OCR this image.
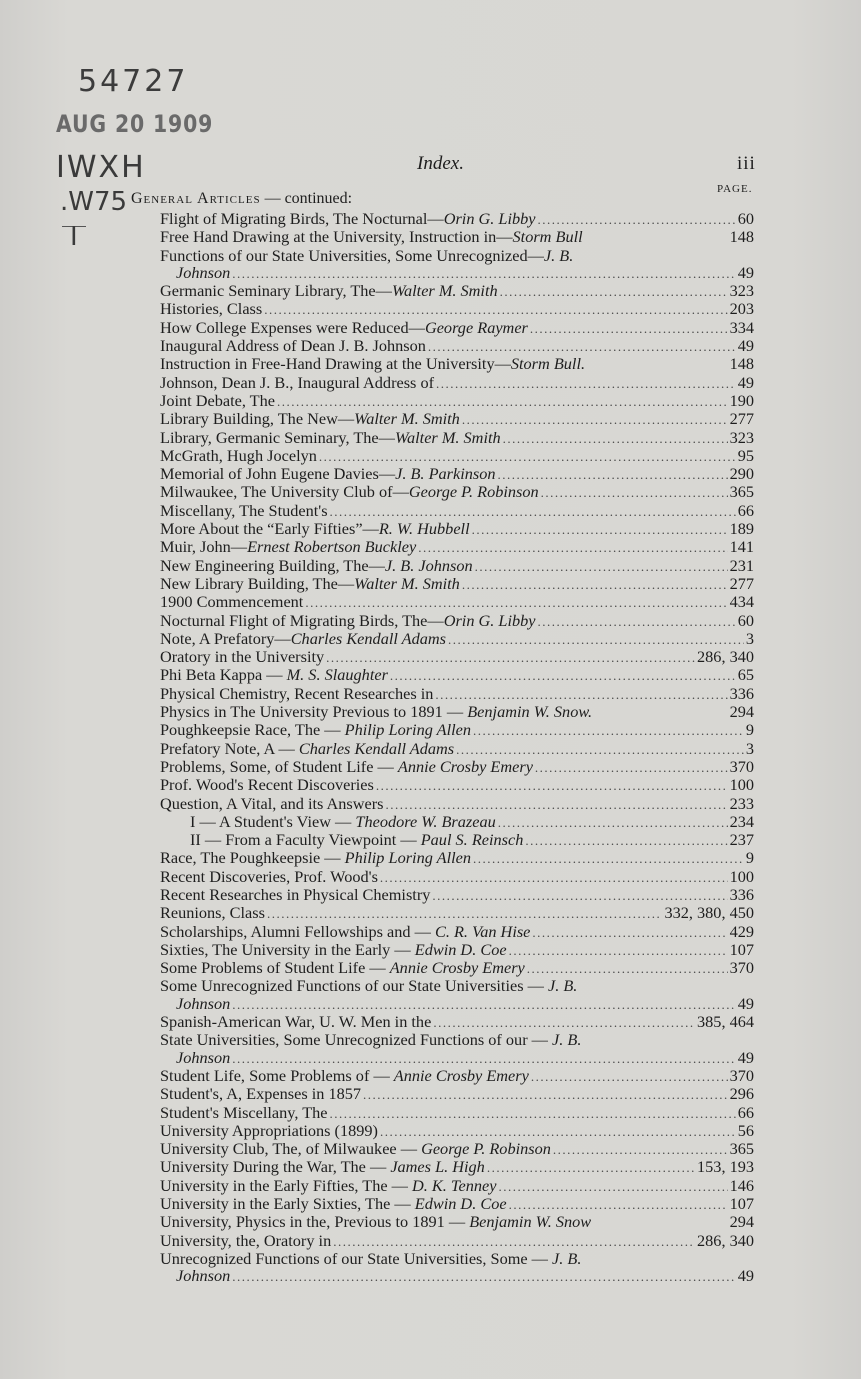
54727
AUG 20 1909
IWXH
.W75
I
Index.	iii
PAGE.
General Articles — continued:
Flight of Migrating Birds, The Nocturnal—Orin G. Libby .....	60
Free Hand Drawing at the University, Instruction in—Storm Bull	148
Functions of our State Universities, Some Unrecognized—J. B.
Johnson .....	49
Germanic Seminary Library, The—Walter M. Smith .....	323
Histories, Class .....	203
How College Expenses were Reduced—George Raymer .....	334
Inaugural Address of Dean J. B. Johnson .....	49
Instruction in Free-Hand Drawing at the University—Storm Bull.	148
Johnson, Dean J. B., Inaugural Address of .....	49
Joint Debate, The .....	190
Library Building, The New—Walter M. Smith .....	277
Library, Germanic Seminary, The—Walter M. Smith .....	323
McGrath, Hugh Jocelyn .....	95
Memorial of John Eugene Davies—J. B. Parkinson .....	290
Milwaukee, The University Club of—George P. Robinson .....	365
Miscellany, The Student's .....	66
More About the “Early Fifties”—R. W. Hubbell .....	189
Muir, John—Ernest Robertson Buckley .....	141
New Engineering Building, The—J. B. Johnson .....	231
New Library Building, The—Walter M. Smith .....	277
1900 Commencement .....	434
Nocturnal Flight of Migrating Birds, The—Orin G. Libby .....	60
Note, A Prefatory—Charles Kendall Adams .....	3
Oratory in the University .....	286, 340
Phi Beta Kappa — M. S. Slaughter .....	65
Physical Chemistry, Recent Researches in .....	336
Physics in The University Previous to 1891 — Benjamin W. Snow.	294
Poughkeepsie Race, The — Philip Loring Allen .....	9
Prefatory Note, A — Charles Kendall Adams .....	3
Problems, Some, of Student Life — Annie Crosby Emery .....	370
Prof. Wood's Recent Discoveries .....	100
Question, A Vital, and its Answers .....	233
I — A Student's View — Theodore W. Brazeau .....	234
II — From a Faculty Viewpoint — Paul S. Reinsch .....	237
Race, The Poughkeepsie — Philip Loring Allen .....	9
Recent Discoveries, Prof. Wood's .....	100
Recent Researches in Physical Chemistry .....	336
Reunions, Class .....	332, 380, 450
Scholarships, Alumni Fellowships and — C. R. Van Hise .....	429
Sixties, The University in the Early — Edwin D. Coe .....	107
Some Problems of Student Life — Annie Crosby Emery .....	370
Some Unrecognized Functions of our State Universities — J. B.
Johnson .....	49
Spanish-American War, U. W. Men in the .....	385, 464
State Universities, Some Unrecognized Functions of our — J. B.
Johnson .....	49
Student Life, Some Problems of — Annie Crosby Emery .....	370
Student's, A, Expenses in 1857 .....	296
Student's Miscellany, The .....	66
University Appropriations (1899) .....	56
University Club, The, of Milwaukee — George P. Robinson .....	365
University During the War, The — James L. High .....	153, 193
University in the Early Fifties, The — D. K. Tenney .....	146
University in the Early Sixties, The — Edwin D. Coe .....	107
University, Physics in the, Previous to 1891 — Benjamin W. Snow	294
University, the, Oratory in .....	286, 340
Unrecognized Functions of our State Universities, Some — J. B.
Johnson .....	49
